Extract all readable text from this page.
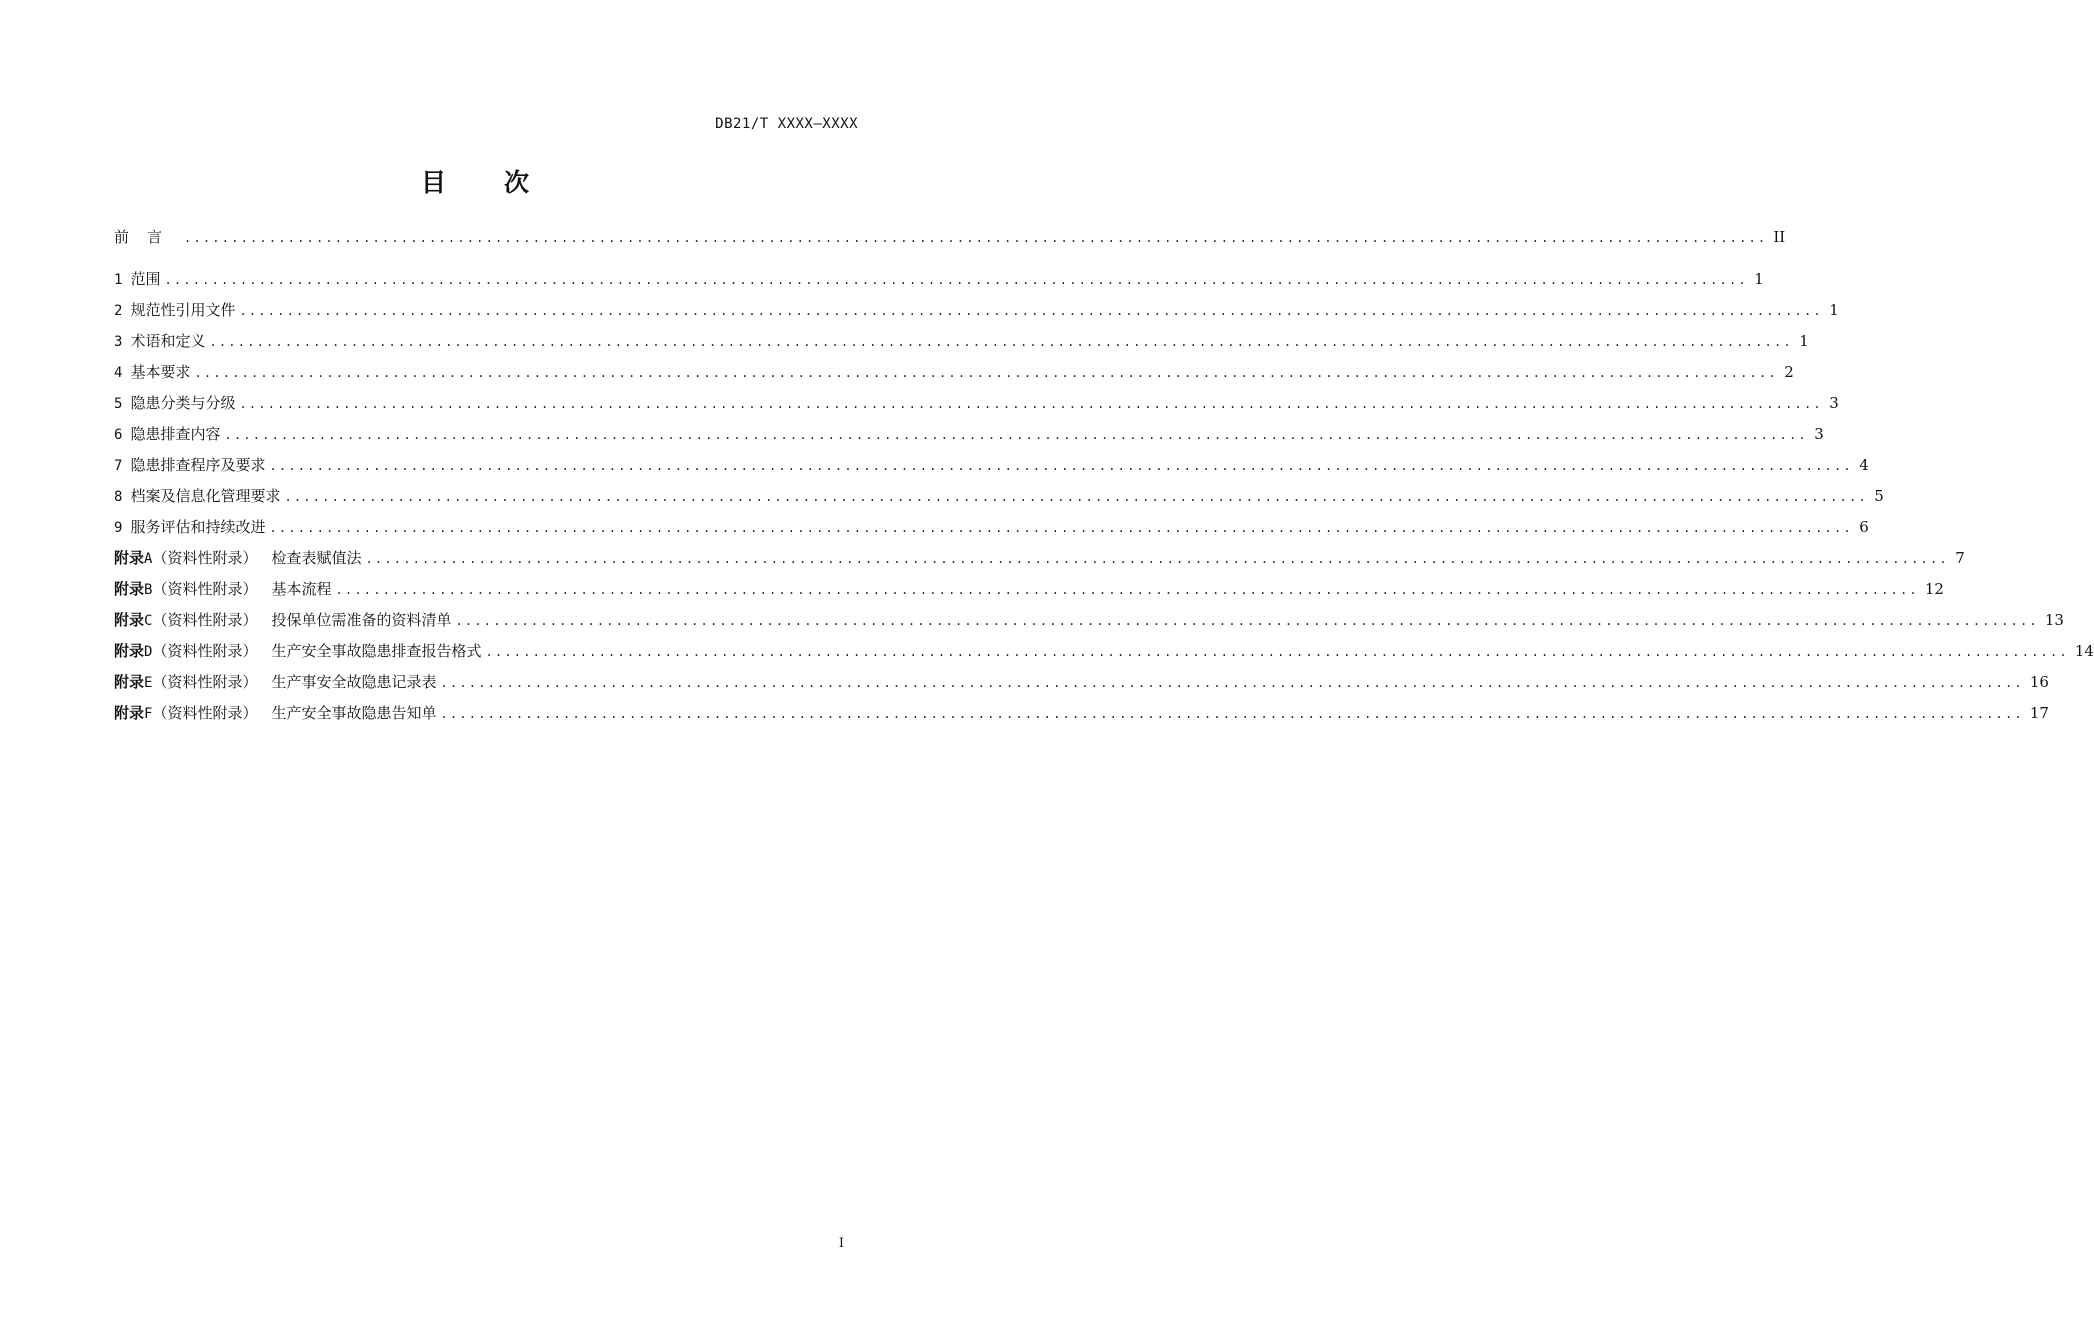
DB21/T XXXX—XXXX
目 次
前言 ........................................................................................................................................................................ II
1 范围 ........................................................................................................................................................................ 1
2 规范性引用文件 ........................................................................................................................................................................ 1
3 术语和定义 ........................................................................................................................................................................ 1
4 基本要求 ........................................................................................................................................................................ 2
5 隐患分类与分级 ........................................................................................................................................................................ 3
6 隐患排查内容 ........................................................................................................................................................................ 3
7 隐患排查程序及要求 ........................................................................................................................................................................ 4
8 档案及信息化管理要求 ........................................................................................................................................................................ 5
9 服务评估和持续改进 ........................................................................................................................................................................ 6
附 录 A （资料性附录） 检查表赋值法 ........................................................................................................................................................................ 7
附 录 B （资料性附录） 基本流程 ........................................................................................................................................................................ 12
附 录 C （资料性附录） 投保单位需准备的资料清单 ........................................................................................................................................................................ 13
附 录 D （资料性附录） 生产安全事故隐患排查报告格式 ........................................................................................................................................................................ 14
附 录 E （资料性附录） 生产事安全故隐患记录表 ........................................................................................................................................................................ 16
附 录 F （资料性附录） 生产安全事故隐患告知单 ........................................................................................................................................................................ 17
I
